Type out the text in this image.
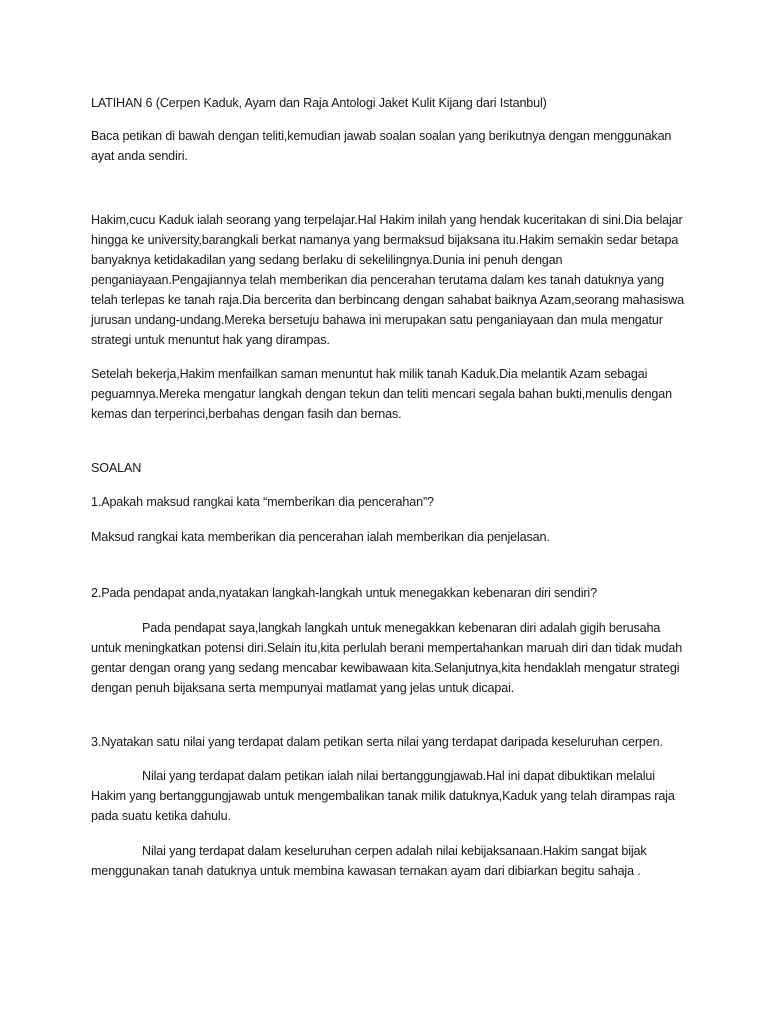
LATIHAN 6 (Cerpen Kaduk, Ayam dan Raja Antologi Jaket Kulit Kijang dari Istanbul)

Baca petikan di bawah dengan teliti,kemudian jawab soalan soalan yang berikutnya dengan menggunakan ayat anda sendiri.

Hakim,cucu Kaduk ialah seorang yang terpelajar.Hal Hakim inilah yang hendak kuceritakan di sini.Dia belajar hingga ke university,barangkali berkat namanya yang bermaksud bijaksana itu.Hakim semakin sedar betapa banyaknya ketidakadilan yang sedang berlaku di sekelilingnya.Dunia ini penuh dengan penganiayaan.Pengajiannya telah memberikan dia pencerahan terutama dalam kes tanah datuknya yang telah terlepas ke tanah raja.Dia bercerita dan berbincang dengan sahabat baiknya Azam,seorang mahasiswa jurusan undang-undang.Mereka bersetuju bahawa ini merupakan satu penganiayaan dan mula mengatur strategi untuk menuntut hak yang dirampas.

Setelah bekerja,Hakim menfailkan saman menuntut hak milik tanah Kaduk.Dia melantik Azam sebagai peguamnya.Mereka mengatur langkah dengan tekun dan teliti mencari segala bahan bukti,menulis dengan kemas dan terperinci,berbahas dengan fasih dan bernas.

SOALAN

1.Apakah maksud rangkai kata “memberikan dia pencerahan”?

Maksud rangkai kata memberikan dia pencerahan ialah memberikan dia penjelasan.

2.Pada pendapat anda,nyatakan langkah-langkah untuk menegakkan kebenaran diri sendiri?

Pada pendapat saya,langkah langkah untuk menegakkan kebenaran diri adalah gigih berusaha untuk meningkatkan potensi diri.Selain itu,kita perlulah berani mempertahankan maruah diri dan tidak mudah gentar dengan orang yang sedang mencabar kewibawaan kita.Selanjutnya,kita hendaklah mengatur strategi dengan penuh bijaksana serta mempunyai matlamat yang jelas untuk dicapai.

3.Nyatakan satu nilai yang terdapat dalam petikan serta nilai yang terdapat daripada keseluruhan cerpen.

Nilai yang terdapat dalam petikan ialah nilai bertanggungjawab.Hal ini dapat dibuktikan melalui Hakim yang bertanggungjawab untuk mengembalikan tanak milik datuknya,Kaduk yang telah dirampas raja pada suatu ketika dahulu.

Nilai yang terdapat dalam keseluruhan cerpen adalah nilai kebijaksanaan.Hakim sangat bijak menggunakan tanah datuknya untuk membina kawasan ternakan ayam dari dibiarkan begitu sahaja .
